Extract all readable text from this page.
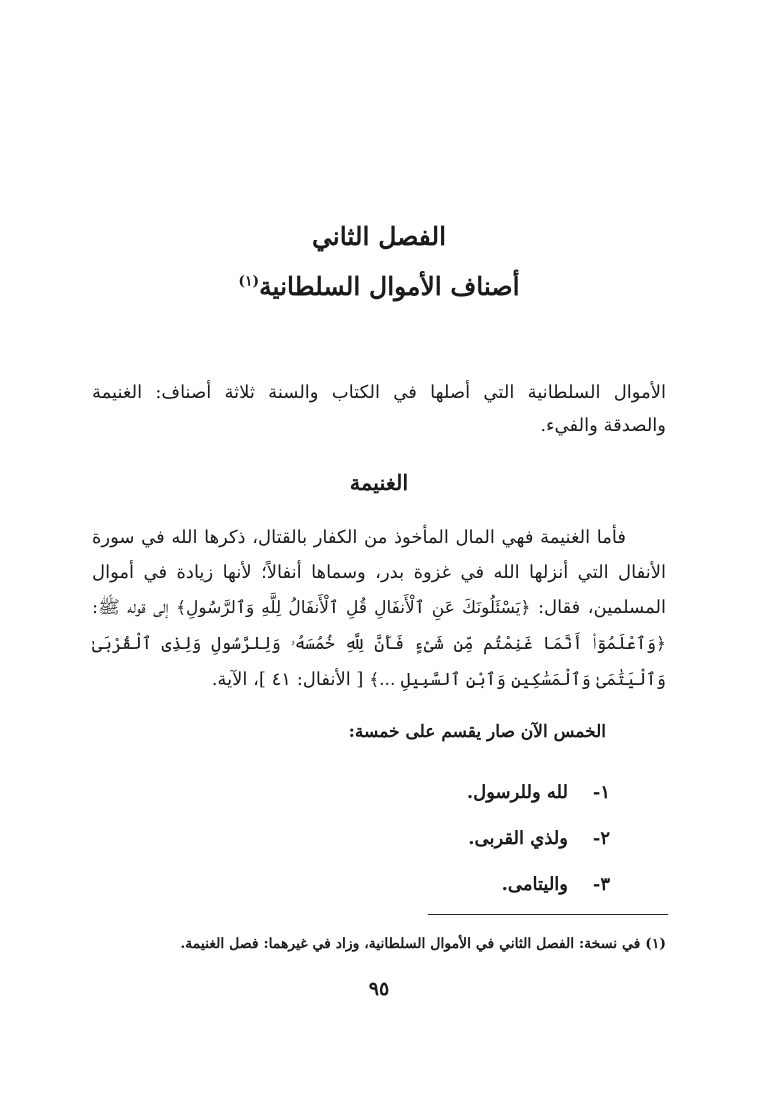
الفصل الثاني
أصناف الأموال السلطانية$^{(١)}$
الأموال السلطانية التي أصلها في الكتاب والسنة ثلاثة أصناف: الغنيمة والصدقة والفيء.
الغنيمة

فأما الغنيمة فهي المال المأخوذ من الكفار بالقتال، ذكرها الله في سورة الأنفال التي أنزلها الله في غزوة بدر، وسماها أنفالاً؛ لأنها زيادة في أموال المسلمين، فقال: ﴿يَسْئَلُونَكَ عَنِ ٱلْأَنفَالِ قُلِ ٱلْأَنفَالُ لِلَّهِ وَٱلرَّسُولِ﴾ إلى قوله ﷺ: ﴿وَٱعْلَمُوٓا۟ أَنَّمَا غَنِمْتُم مِّن شَىْءٍ فَأَنَّ لِلَّهِ خُمُسَهُۥ وَلِلرَّسُولِ وَلِذِى ٱلْقُرْبَىٰ وَٱلْيَتَٰمَىٰ وَٱلْمَسَٰكِينِ وَٱبْنِ ٱلسَّبِيلِ ...﴾ [ الأنفال: ٤١ ]، الآية.

الخمس الآن صار يقسم على خمسة:
١-لله وللرسول.
٢-ولذي القربى.
٣-واليتامى.
(١) في نسخة: الفصل الثاني في الأموال السلطانية، وزاد في غيرهما: فصل الغنيمة.
٩٥
